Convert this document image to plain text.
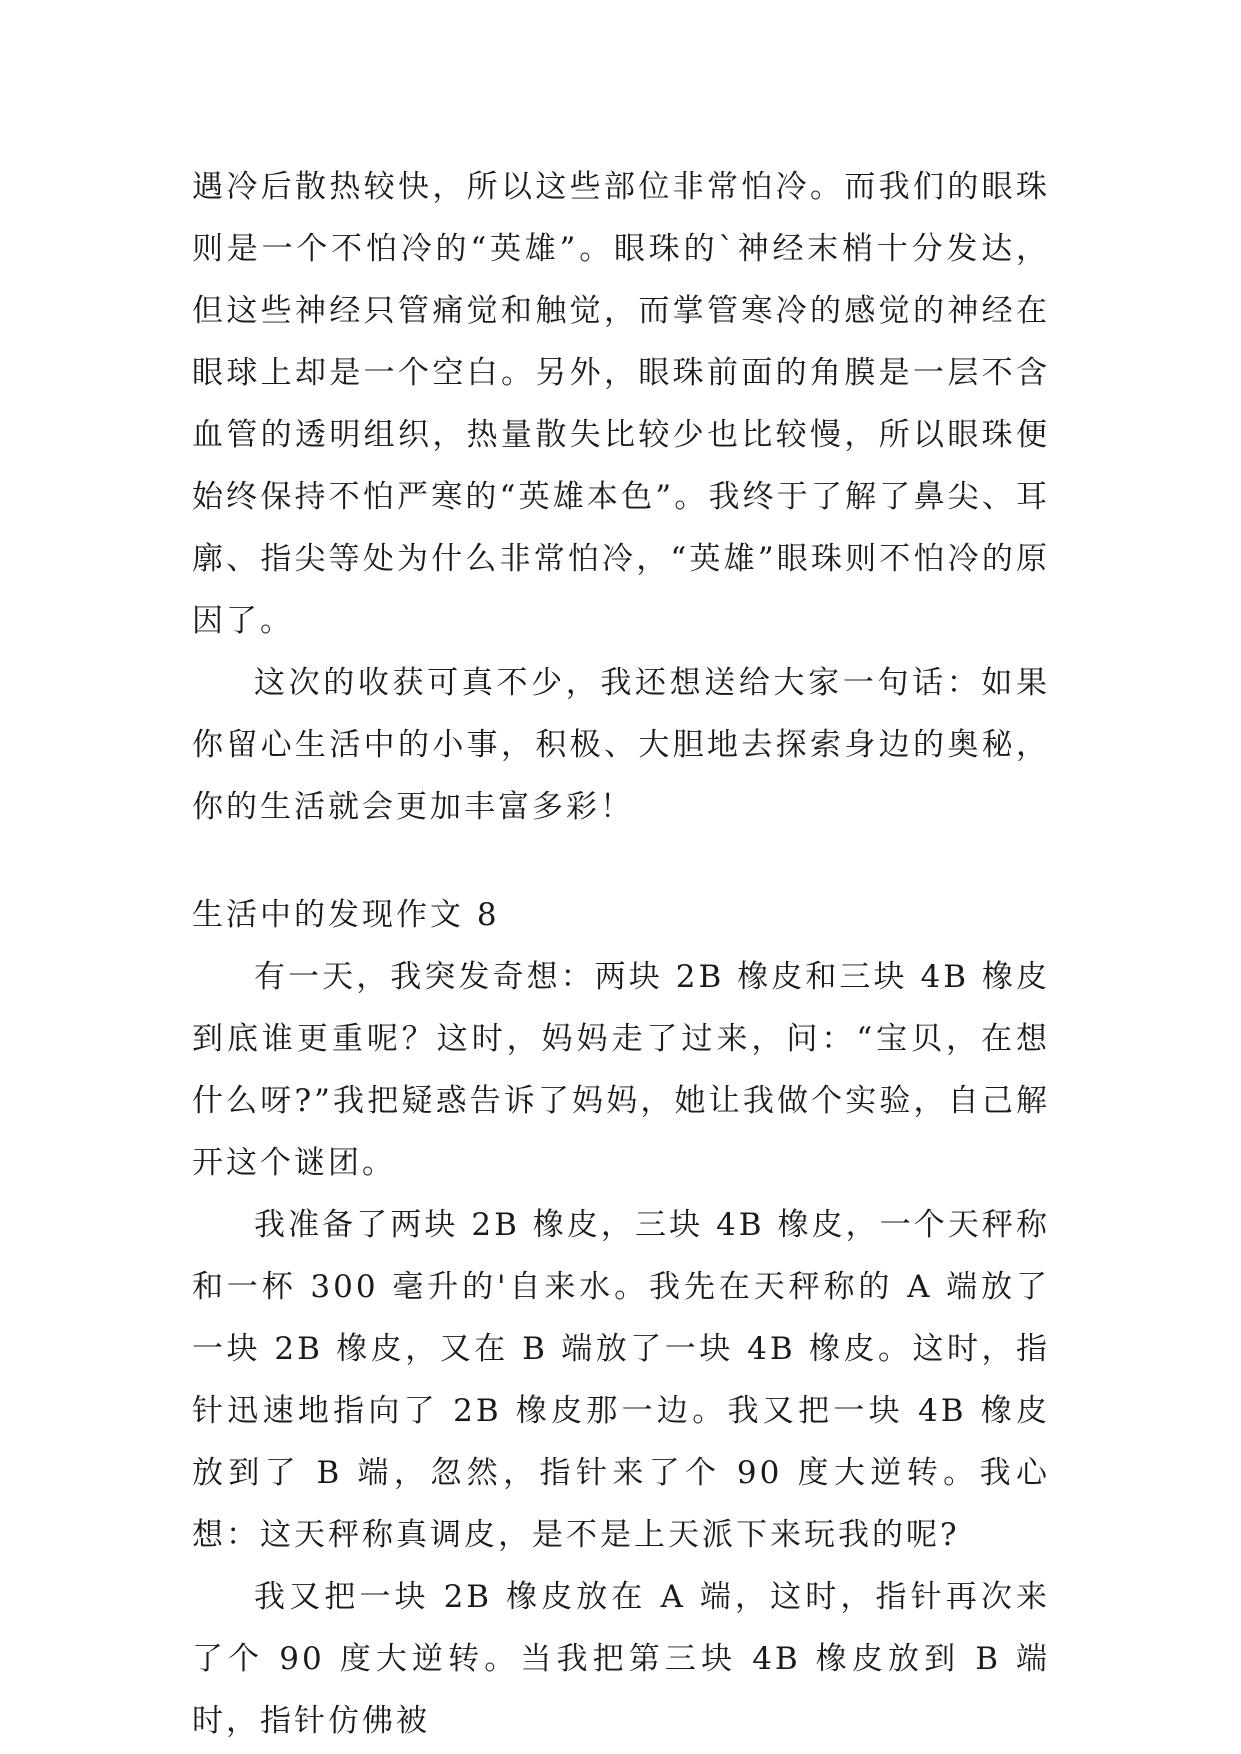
遇冷后散热较快，所以这些部位非常怕冷。而我们的眼珠则是一个不怕冷的“英雄”。眼珠的`神经末梢十分发达，但这些神经只管痛觉和触觉，而掌管寒冷的感觉的神经在眼球上却是一个空白。另外，眼珠前面的角膜是一层不含血管的透明组织，热量散失比较少也比较慢，所以眼珠便始终保持不怕严寒的“英雄本色”。我终于了解了鼻尖、耳廓、指尖等处为什么非常怕冷，“英雄”眼珠则不怕冷的原因了。

这次的收获可真不少，我还想送给大家一句话：如果你留心生活中的小事，积极、大胆地去探索身边的奥秘，你的生活就会更加丰富多彩！

生活中的发现作文 8

有一天，我突发奇想：两块 2B 橡皮和三块 4B 橡皮到底谁更重呢？这时，妈妈走了过来，问：“宝贝，在想什么呀?”我把疑惑告诉了妈妈，她让我做个实验，自己解开这个谜团。

我准备了两块 2B 橡皮，三块 4B 橡皮，一个天秤称和一杯 300 毫升的'自来水。我先在天秤称的 A 端放了一块 2B 橡皮，又在 B 端放了一块 4B 橡皮。这时，指针迅速地指向了 2B 橡皮那一边。我又把一块 4B 橡皮放到了 B 端，忽然，指针来了个 90 度大逆转。我心想：这天秤称真调皮，是不是上天派下来玩我的呢?

我又把一块 2B 橡皮放在 A 端，这时，指针再次来了个 90 度大逆转。当我把第三块 4B 橡皮放到 B 端时，指针仿佛被
